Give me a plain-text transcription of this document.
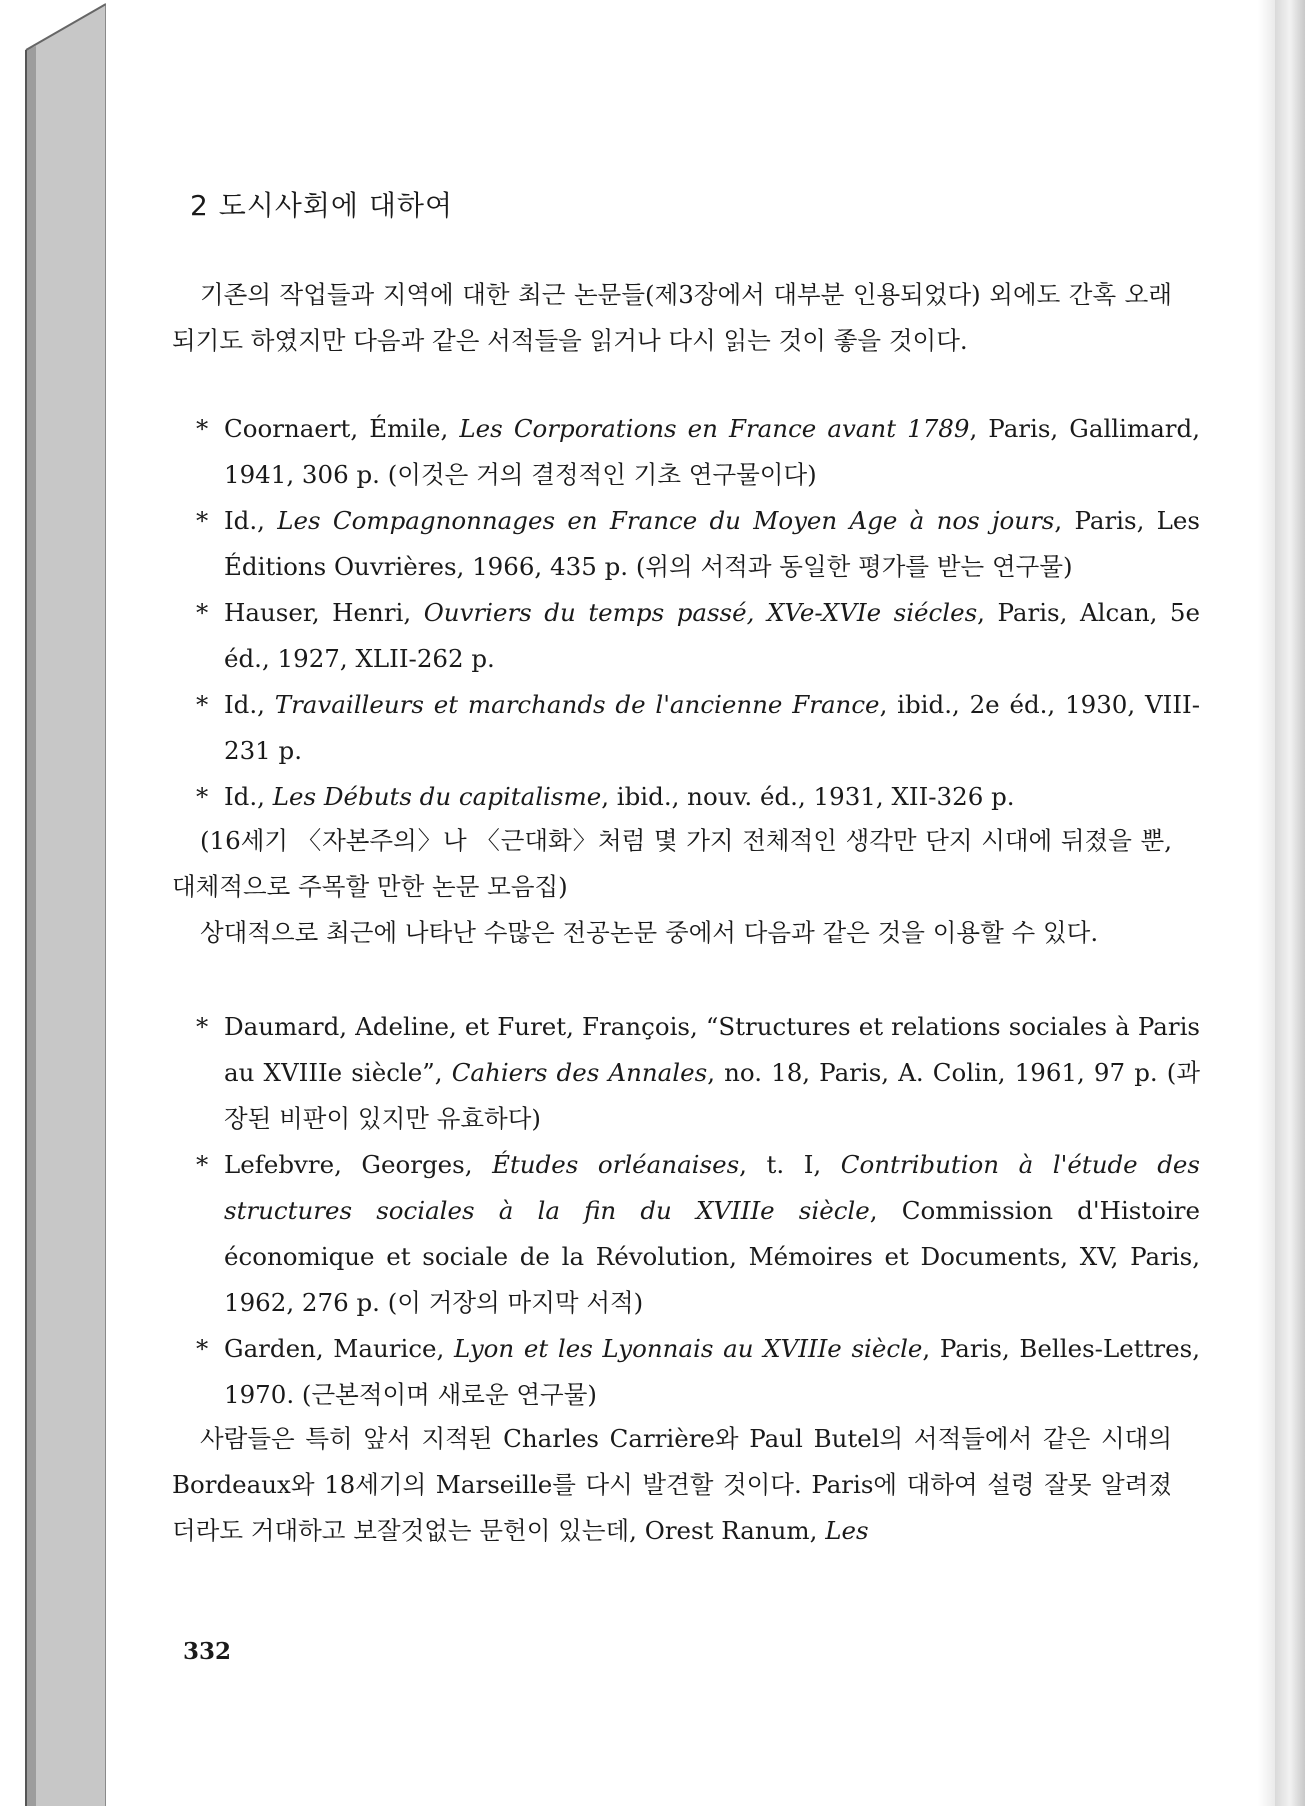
2 도시사회에 대하여

기존의 작업들과 지역에 대한 최근 논문들(제3장에서 대부분 인용되었다) 외에도 간혹 오래되기도 하였지만 다음과 같은 서적들을 읽거나 다시 읽는 것이 좋을 것이다.

* Coornaert, Émile, Les Corporations en France avant 1789, Paris, Gallimard, 1941, 306 p. (이것은 거의 결정적인 기초 연구물이다)

* Id., Les Compagnonnages en France du Moyen Age à nos jours, Paris, Les Éditions Ouvrières, 1966, 435 p. (위의 서적과 동일한 평가를 받는 연구물)

* Hauser, Henri, Ouvriers du temps passé, XVe-XVIe siécles, Paris, Alcan, 5e éd., 1927, XLII-262 p.

* Id., Travailleurs et marchands de l'ancienne France, ibid., 2e éd., 1930, VIII-231 p.

* Id., Les Débuts du capitalisme, ibid., nouv. éd., 1931, XII-326 p.

(16세기 〈자본주의〉나 〈근대화〉처럼 몇 가지 전체적인 생각만 단지 시대에 뒤졌을 뿐, 대체적으로 주목할 만한 논문 모음집)

상대적으로 최근에 나타난 수많은 전공논문 중에서 다음과 같은 것을 이용할 수 있다.

* Daumard, Adeline, et Furet, François, “Structures et relations sociales à Paris au XVIIIe siècle”, Cahiers des Annales, no. 18, Paris, A. Colin, 1961, 97 p. (과장된 비판이 있지만 유효하다)

* Lefebvre, Georges, Études orléanaises, t. I, Contribution à l'étude des structures sociales à la fin du XVIIIe siècle, Commission d'Histoire économique et sociale de la Révolution, Mémoires et Documents, XV, Paris, 1962, 276 p. (이 거장의 마지막 서적)

* Garden, Maurice, Lyon et les Lyonnais au XVIIIe siècle, Paris, Belles-Lettres, 1970. (근본적이며 새로운 연구물)

사람들은 특히 앞서 지적된 Charles Carrière와 Paul Butel의 서적들에서 같은 시대의 Bordeaux와 18세기의 Marseille를 다시 발견할 것이다. Paris에 대하여 설령 잘못 알려졌더라도 거대하고 보잘것없는 문헌이 있는데, Orest Ranum, Les

332
